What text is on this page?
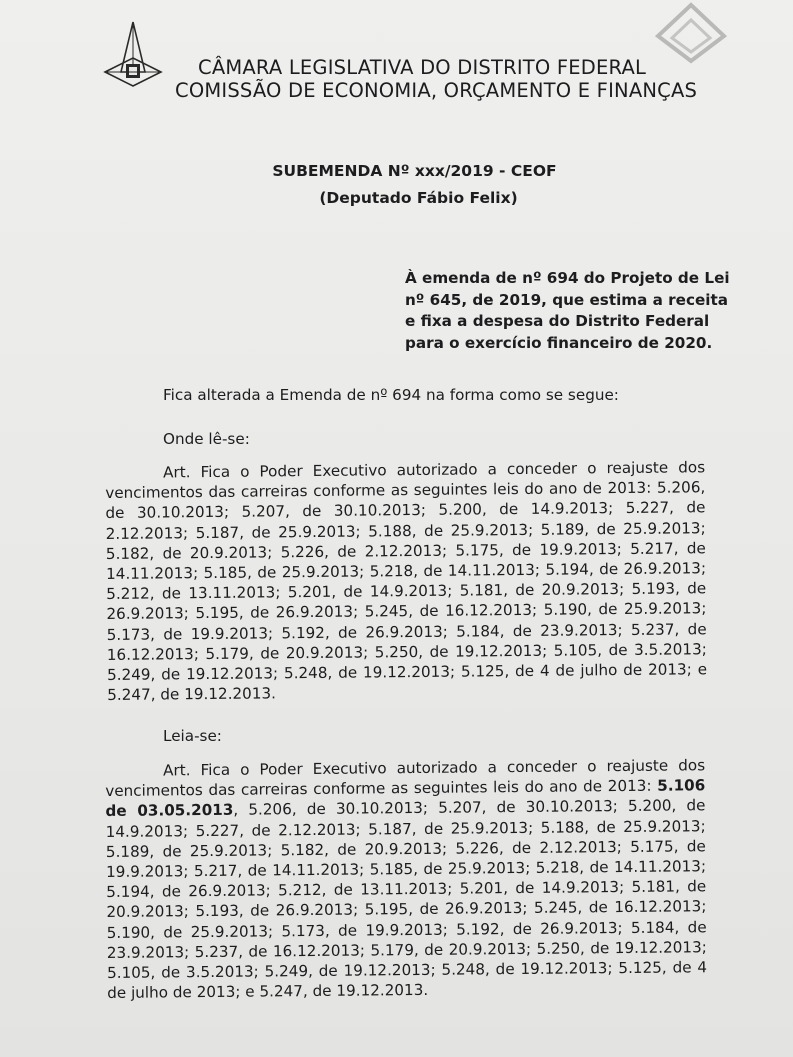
CÂMARA LEGISLATIVA DO DISTRITO FEDERAL
COMISSÃO DE ECONOMIA, ORÇAMENTO E FINANÇAS
SUBEMENDA Nº xxx/2019 - CEOF
(Deputado Fábio Felix)
À emenda de nº 694 do Projeto de Lei nº 645, de 2019, que estima a receita e fixa a despesa do Distrito Federal para o exercício financeiro de 2020.
Fica alterada a Emenda de nº 694 na forma como se segue:
Onde lê-se:
Art. Fica o Poder Executivo autorizado a conceder o reajuste dos vencimentos das carreiras conforme as seguintes leis do ano de 2013: 5.206, de 30.10.2013; 5.207, de 30.10.2013; 5.200, de 14.9.2013; 5.227, de 2.12.2013; 5.187, de 25.9.2013; 5.188, de 25.9.2013; 5.189, de 25.9.2013; 5.182, de 20.9.2013; 5.226, de 2.12.2013; 5.175, de 19.9.2013; 5.217, de 14.11.2013; 5.185, de 25.9.2013; 5.218, de 14.11.2013; 5.194, de 26.9.2013; 5.212, de 13.11.2013; 5.201, de 14.9.2013; 5.181, de 20.9.2013; 5.193, de 26.9.2013; 5.195, de 26.9.2013; 5.245, de 16.12.2013; 5.190, de 25.9.2013; 5.173, de 19.9.2013; 5.192, de 26.9.2013; 5.184, de 23.9.2013; 5.237, de 16.12.2013; 5.179, de 20.9.2013; 5.250, de 19.12.2013; 5.105, de 3.5.2013; 5.249, de 19.12.2013; 5.248, de 19.12.2013; 5.125, de 4 de julho de 2013; e 5.247, de 19.12.2013.
Leia-se:
Art. Fica o Poder Executivo autorizado a conceder o reajuste dos vencimentos das carreiras conforme as seguintes leis do ano de 2013: 5.106 de 03.05.2013, 5.206, de 30.10.2013; 5.207, de 30.10.2013; 5.200, de 14.9.2013; 5.227, de 2.12.2013; 5.187, de 25.9.2013; 5.188, de 25.9.2013; 5.189, de 25.9.2013; 5.182, de 20.9.2013; 5.226, de 2.12.2013; 5.175, de 19.9.2013; 5.217, de 14.11.2013; 5.185, de 25.9.2013; 5.218, de 14.11.2013; 5.194, de 26.9.2013; 5.212, de 13.11.2013; 5.201, de 14.9.2013; 5.181, de 20.9.2013; 5.193, de 26.9.2013; 5.195, de 26.9.2013; 5.245, de 16.12.2013; 5.190, de 25.9.2013; 5.173, de 19.9.2013; 5.192, de 26.9.2013; 5.184, de 23.9.2013; 5.237, de 16.12.2013; 5.179, de 20.9.2013; 5.250, de 19.12.2013; 5.105, de 3.5.2013; 5.249, de 19.12.2013; 5.248, de 19.12.2013; 5.125, de 4 de julho de 2013; e 5.247, de 19.12.2013.
